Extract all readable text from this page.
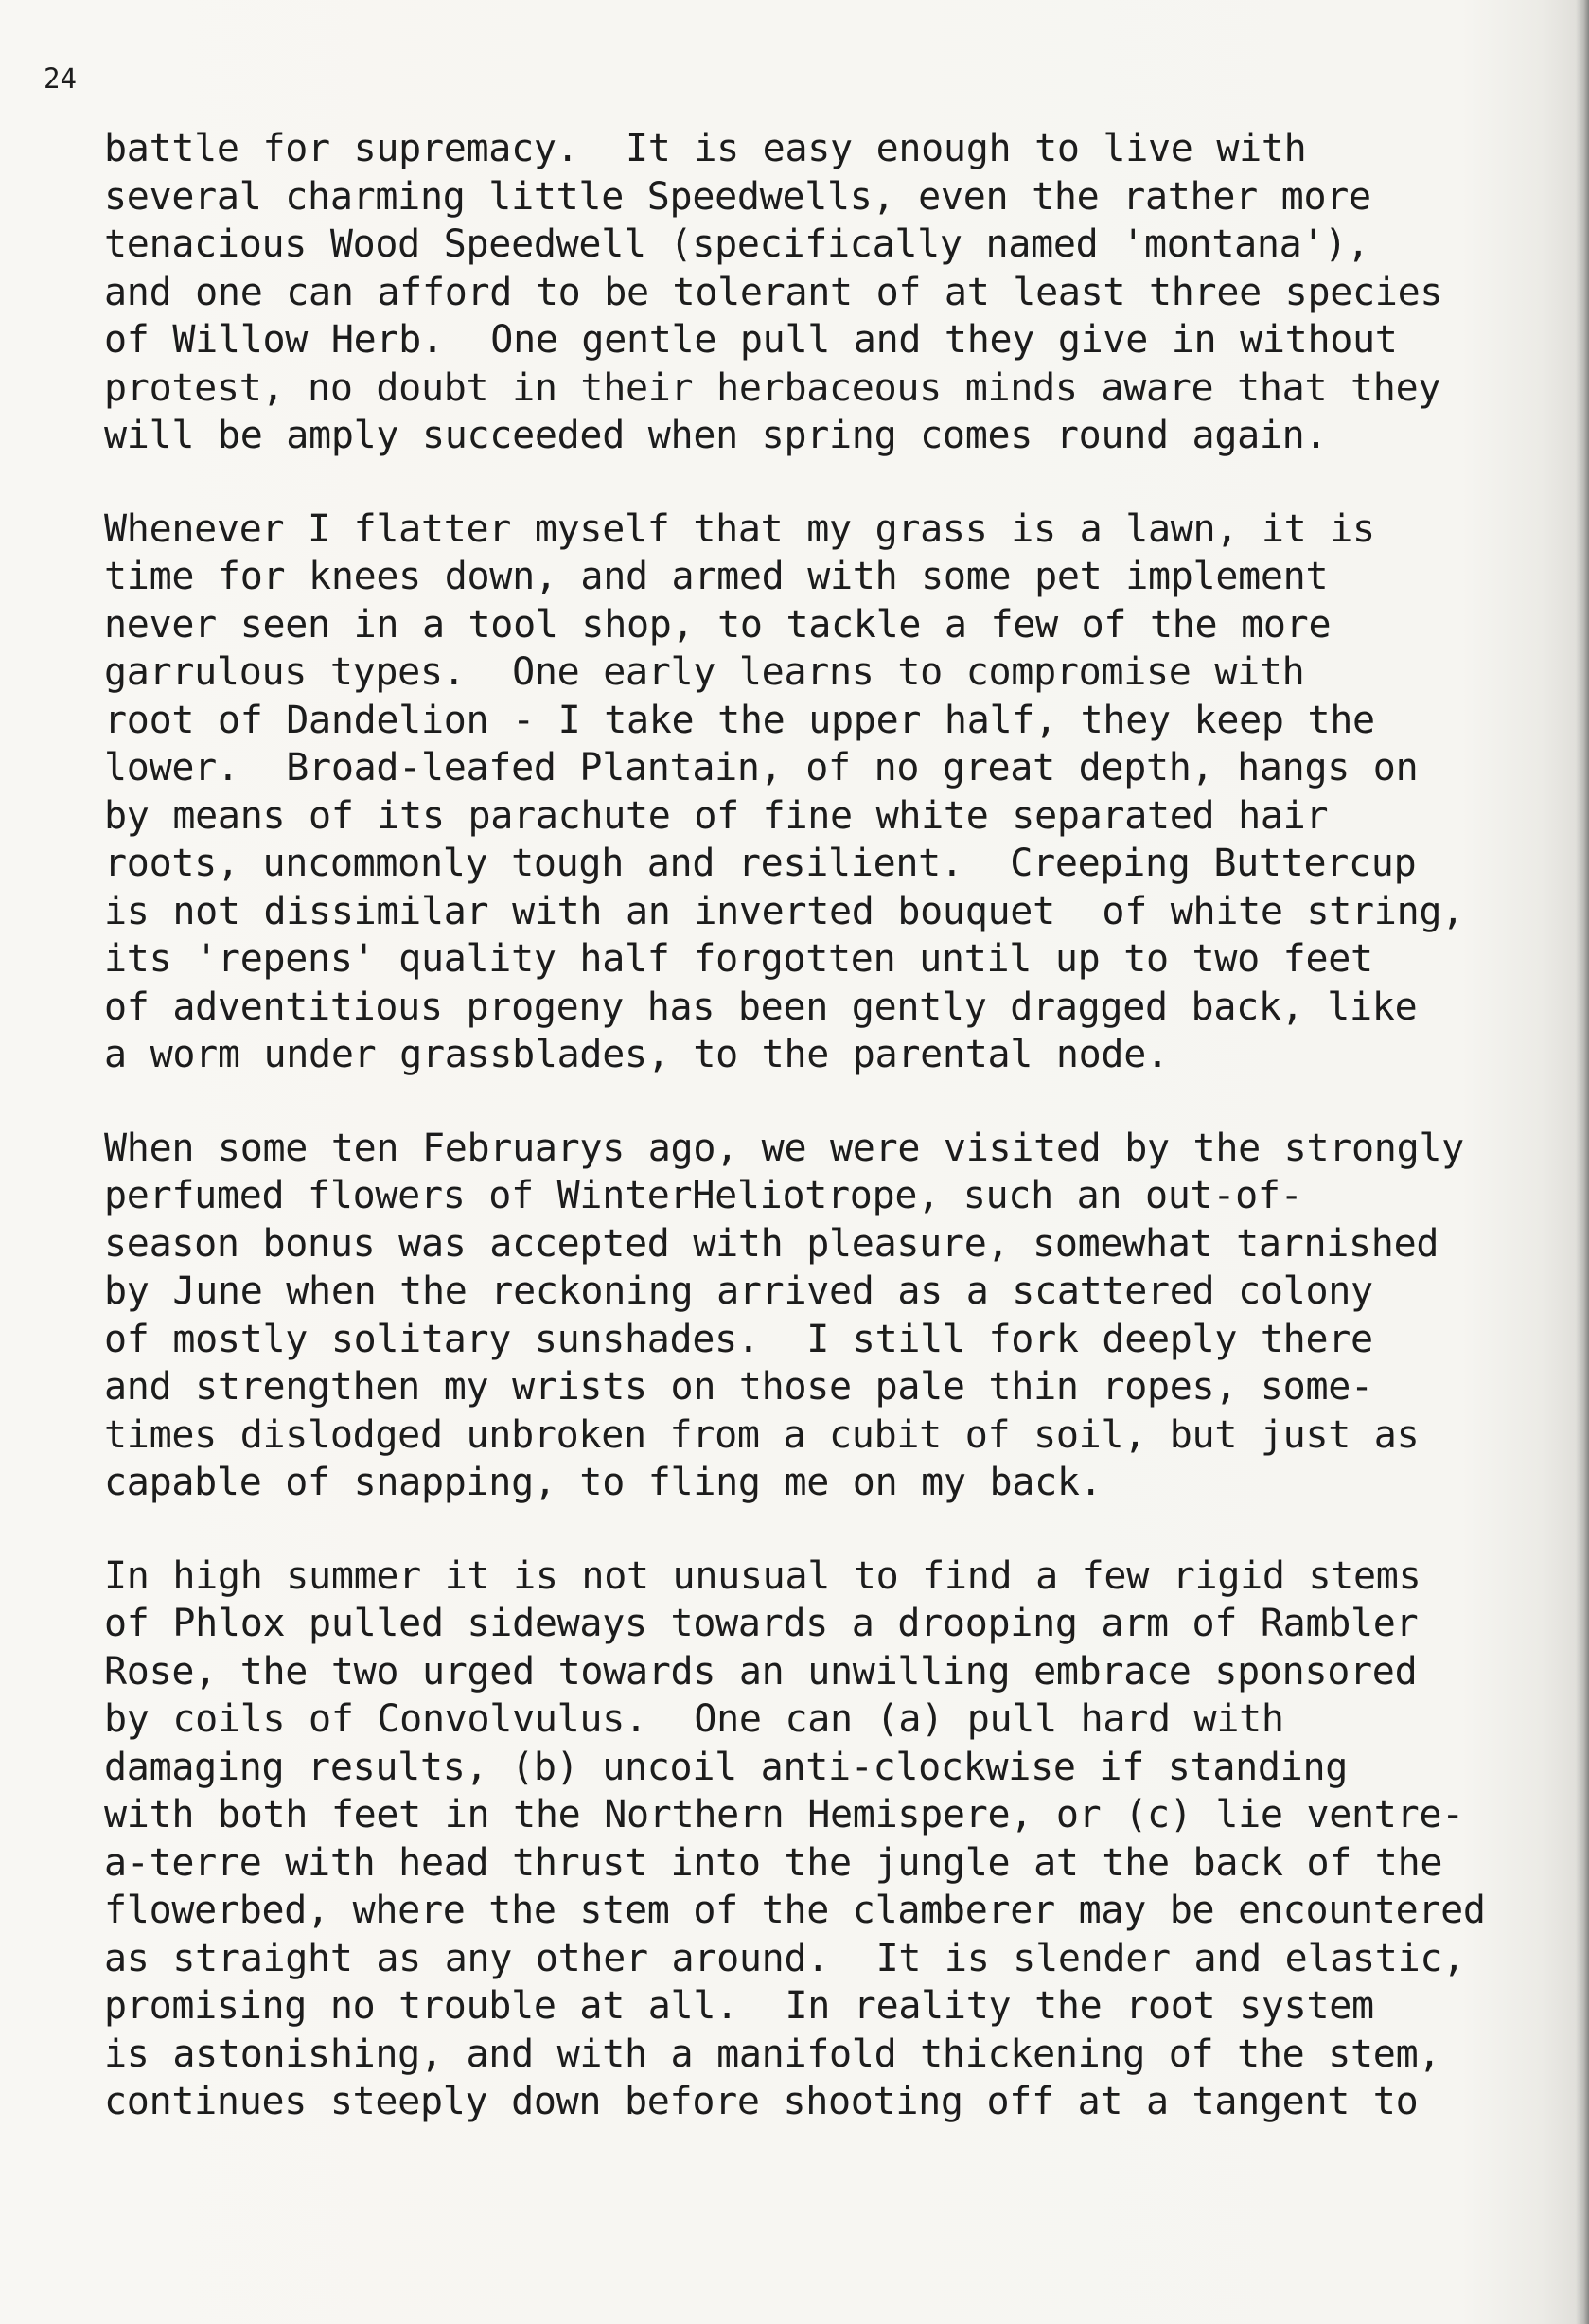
24
battle for supremacy.  It is easy enough to live with
several charming little Speedwells, even the rather more
tenacious Wood Speedwell (specifically named 'montana'),
and one can afford to be tolerant of at least three species
of Willow Herb.  One gentle pull and they give in without
protest, no doubt in their herbaceous minds aware that they
will be amply succeeded when spring comes round again.
Whenever I flatter myself that my grass is a lawn, it is
time for knees down, and armed with some pet implement
never seen in a tool shop, to tackle a few of the more
garrulous types.  One early learns to compromise with
root of Dandelion - I take the upper half, they keep the
lower.  Broad-leafed Plantain, of no great depth, hangs on
by means of its parachute of fine white separated hair
roots, uncommonly tough and resilient.  Creeping Buttercup
is not dissimilar with an inverted bouquet  of white string,
its 'repens' quality half forgotten until up to two feet
of adventitious progeny has been gently dragged back, like
a worm under grassblades, to the parental node.
When some ten Februarys ago, we were visited by the strongly
perfumed flowers of WinterHeliotrope, such an out-of-
season bonus was accepted with pleasure, somewhat tarnished
by June when the reckoning arrived as a scattered colony
of mostly solitary sunshades.  I still fork deeply there
and strengthen my wrists on those pale thin ropes, some-
times dislodged unbroken from a cubit of soil, but just as
capable of snapping, to fling me on my back.
In high summer it is not unusual to find a few rigid stems
of Phlox pulled sideways towards a drooping arm of Rambler
Rose, the two urged towards an unwilling embrace sponsored
by coils of Convolvulus.  One can (a) pull hard with
damaging results, (b) uncoil anti-clockwise if standing
with both feet in the Northern Hemispere, or (c) lie ventre-
a-terre with head thrust into the jungle at the back of the
flowerbed, where the stem of the clamberer may be encountered
as straight as any other around.  It is slender and elastic,
promising no trouble at all.  In reality the root system
is astonishing, and with a manifold thickening of the stem,
continues steeply down before shooting off at a tangent to
